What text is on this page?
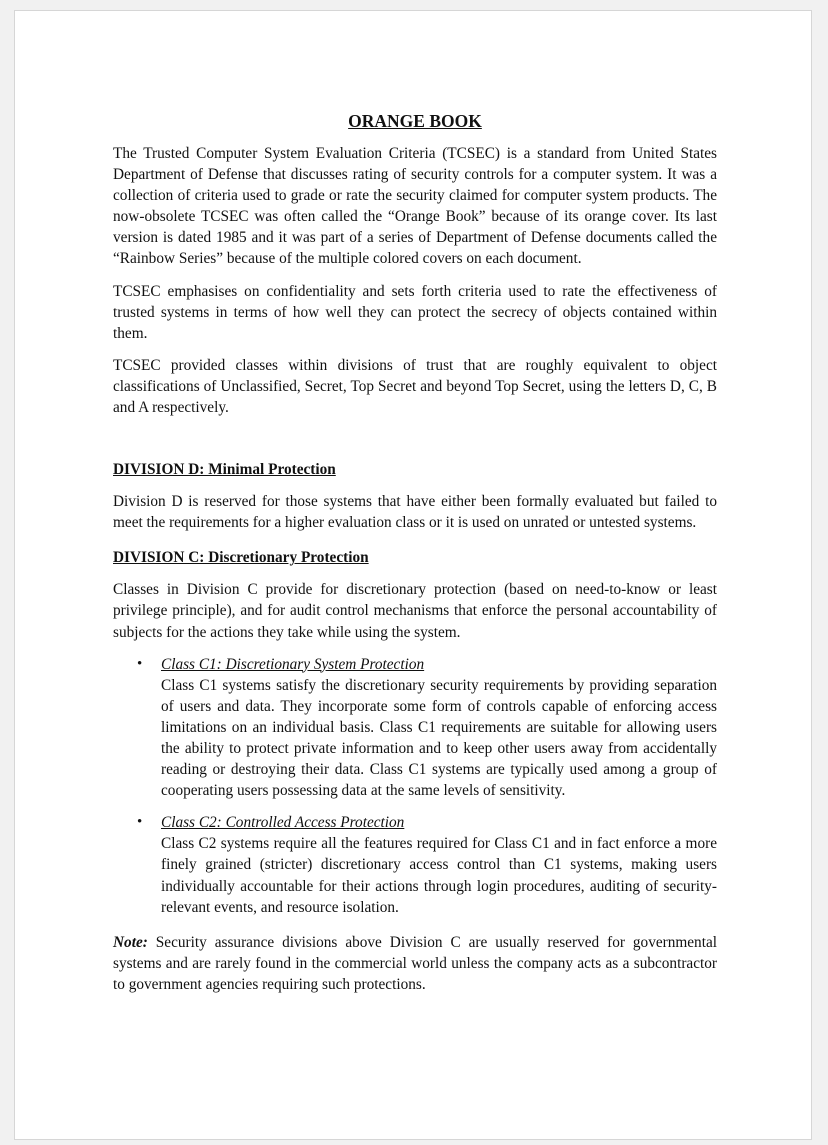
ORANGE BOOK

The Trusted Computer System Evaluation Criteria (TCSEC) is a standard from United States Department of Defense that discusses rating of security controls for a computer system. It was a collection of criteria used to grade or rate the security claimed for computer system products. The now-obsolete TCSEC was often called the “Orange Book” because of its orange cover. Its last version is dated 1985 and it was part of a series of Department of Defense documents called the “Rainbow Series” because of the multiple colored covers on each document.

TCSEC emphasises on confidentiality and sets forth criteria used to rate the effectiveness of trusted systems in terms of how well they can protect the secrecy of objects contained within them.

TCSEC provided classes within divisions of trust that are roughly equivalent to object classifications of Unclassified, Secret, Top Secret and beyond Top Secret, using the letters D, C, B and A respectively.

DIVISION D: Minimal Protection

Division D is reserved for those systems that have either been formally evaluated but failed to meet the requirements for a higher evaluation class or it is used on unrated or untested systems.

DIVISION C: Discretionary Protection

Classes in Division C provide for discretionary protection (based on need-to-know or least privilege principle), and for audit control mechanisms that enforce the personal accountability of subjects for the actions they take while using the system.

• Class C1: Discretionary System Protection
Class C1 systems satisfy the discretionary security requirements by providing separation of users and data. They incorporate some form of controls capable of enforcing access limitations on an individual basis. Class C1 requirements are suitable for allowing users the ability to protect private information and to keep other users away from accidentally reading or destroying their data. Class C1 systems are typically used among a group of cooperating users possessing data at the same levels of sensitivity.
• Class C2: Controlled Access Protection
Class C2 systems require all the features required for Class C1 and in fact enforce a more finely grained (stricter) discretionary access control than C1 systems, making users individually accountable for their actions through login procedures, auditing of security-relevant events, and resource isolation.

Note: Security assurance divisions above Division C are usually reserved for governmental systems and are rarely found in the commercial world unless the company acts as a subcontractor to government agencies requiring such protections.
